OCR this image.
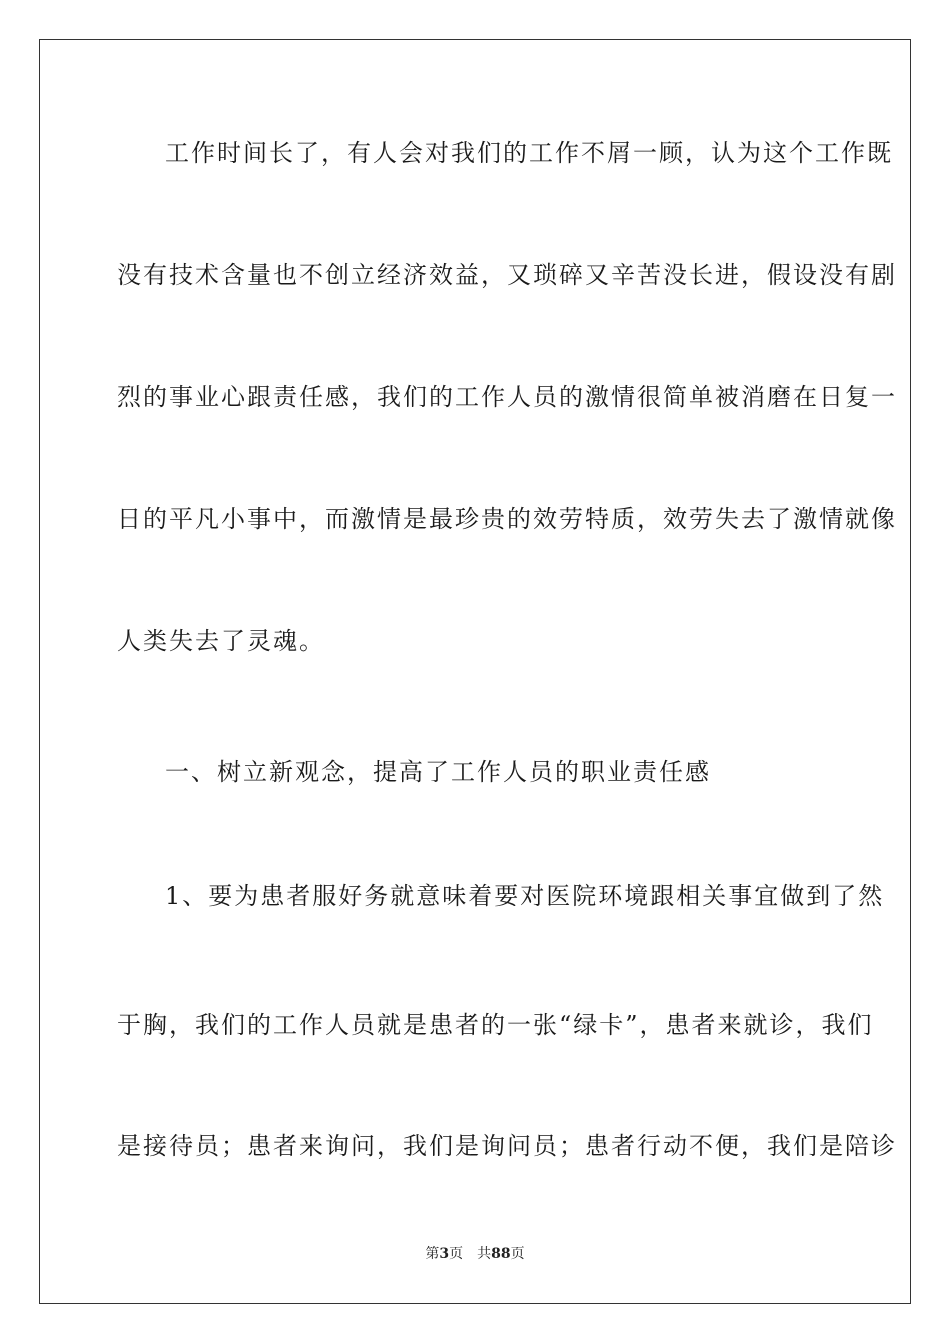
工作时间长了，有人会对我们的工作不屑一顾，认为这个工作既
没有技术含量也不创立经济效益，又琐碎又辛苦没长进，假设没有剧
烈的事业心跟责任感，我们的工作人员的激情很简单被消磨在日复一
日的平凡小事中，而激情是最珍贵的效劳特质，效劳失去了激情就像
人类失去了灵魂。
一、树立新观念，提高了工作人员的职业责任感
1、要为患者服好务就意味着要对医院环境跟相关事宜做到了然
于胸，我们的工作人员就是患者的一张“绿卡”，患者来就诊，我们
是接待员；患者来询问，我们是询问员；患者行动不便，我们是陪诊
第3页 共88页
